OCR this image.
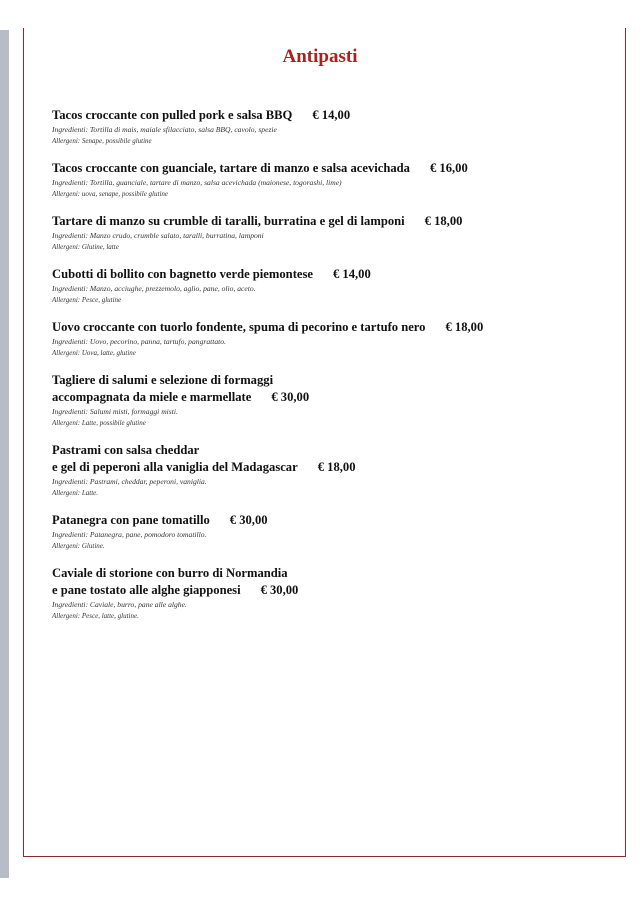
Antipasti
Tacos croccante con pulled pork e salsa BBQ € 14,00
Ingredienti: Tortilla di mais, maiale sfilacciato, salsa BBQ, cavolo, spezie
Allergeni: Senape, possibile glutine
Tacos croccante con guanciale, tartare di manzo e salsa acevichada € 16,00
Ingredienti: Tortilla, guanciale, tartare di manzo, salsa acevichada (maionese, togorashi, lime)
Allergeni: uova, senape, possibile glutine
Tartare di manzo su crumble di taralli, burratina e gel di lamponi € 18,00
Ingredienti: Manzo crudo, crumble salato, taralli, burratina, lamponi
Allergeni: Glutine, latte
Cubotti di bollito con bagnetto verde piemontese € 14,00
Ingredienti: Manzo, acciughe, prezzemolo, aglio, pane, olio, aceto.
Allergeni: Pesce, glutine
Uovo croccante con tuorlo fondente, spuma di pecorino e tartufo nero € 18,00
Ingredienti: Uovo, pecorino, panna, tartufo, pangrattato.
Allergeni: Uova, latte, glutine
Tagliere di salumi e selezione di formaggi
accompagnata da miele e marmellate € 30,00
Ingredienti: Salumi misti, formaggi misti.
Allergeni: Latte, possibile glutine
Pastrami con salsa cheddar
e gel di peperoni alla vaniglia del Madagascar € 18,00
Ingredienti: Pastrami, cheddar, peperoni, vaniglia.
Allergeni: Latte.
Patanegra con pane tomatillo € 30,00
Ingredienti: Patanegra, pane, pomodoro tomatillo.
Allergeni: Glutine.
Caviale di storione con burro di Normandia
e pane tostato alle alghe giapponesi € 30,00
Ingredienti: Caviale, burro, pane alle alghe.
Allergeni: Pesce, latte, glutine.
